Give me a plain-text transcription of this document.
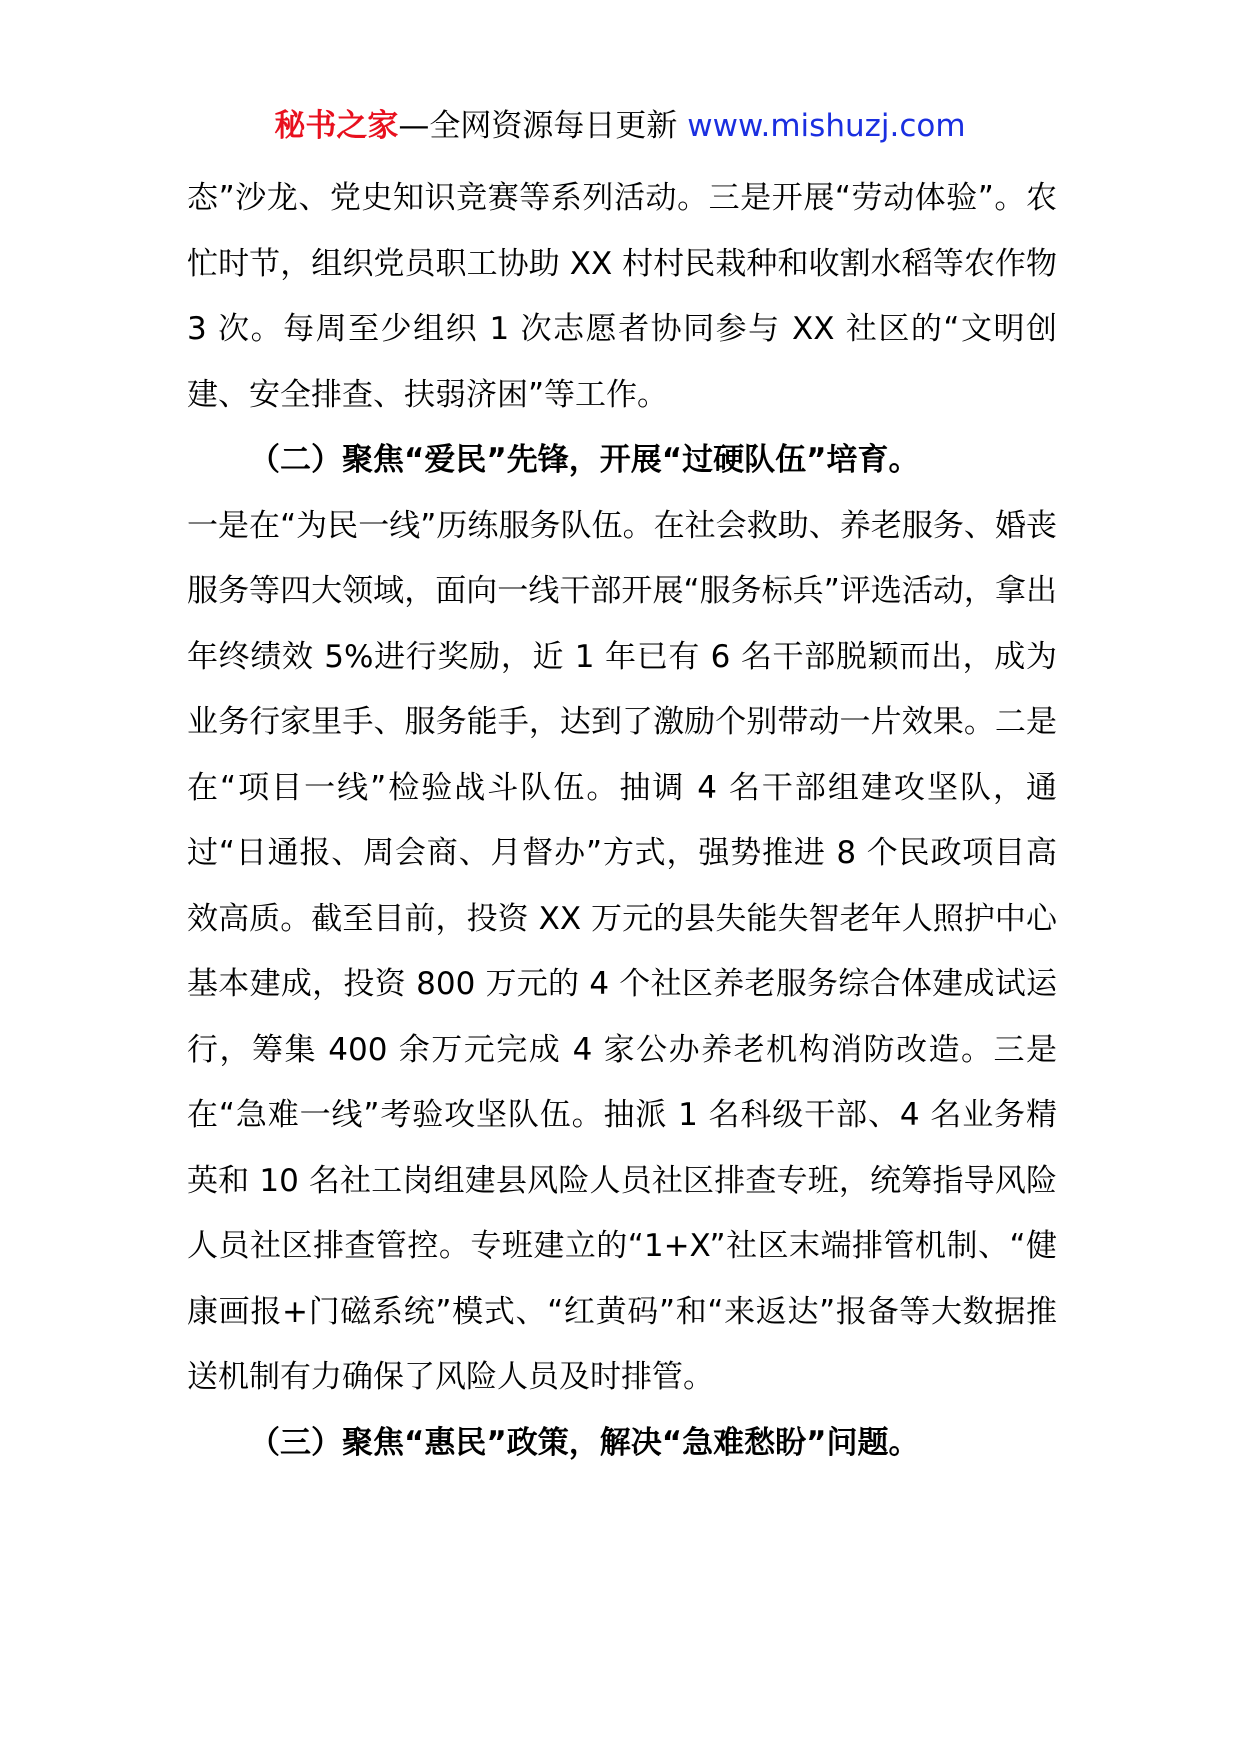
秘书之家—全网资源每日更新 www.mishuzj.com

态”沙龙、党史知识竞赛等系列活动。三是开展“劳动体验”。农忙时节，组织党员职工协助 XX 村村民栽种和收割水稻等农作物 3 次。每周至少组织 1 次志愿者协同参与 XX 社区的“文明创建、安全排查、扶弱济困”等工作。

（二）聚焦“爱民”先锋，开展“过硬队伍”培育。

一是在“为民一线”历练服务队伍。在社会救助、养老服务、婚丧服务等四大领域，面向一线干部开展“服务标兵”评选活动，拿出年终绩效 5%进行奖励，近 1 年已有 6 名干部脱颖而出，成为业务行家里手、服务能手，达到了激励个别带动一片效果。二是在“项目一线”检验战斗队伍。抽调 4 名干部组建攻坚队，通过“日通报、周会商、月督办”方式，强势推进 8 个民政项目高效高质。截至目前，投资 XX 万元的县失能失智老年人照护中心基本建成，投资 800 万元的 4 个社区养老服务综合体建成试运行，筹集 400 余万元完成 4 家公办养老机构消防改造。三是在“急难一线”考验攻坚队伍。抽派 1 名科级干部、4 名业务精英和 10 名社工岗组建县风险人员社区排查专班，统筹指导风险人员社区排查管控。专班建立的“1+X”社区末端排管机制、“健康画报+门磁系统”模式、“红黄码”和“来返达”报备等大数据推送机制有力确保了风险人员及时排管。

（三）聚焦“惠民”政策，解决“急难愁盼”问题。
